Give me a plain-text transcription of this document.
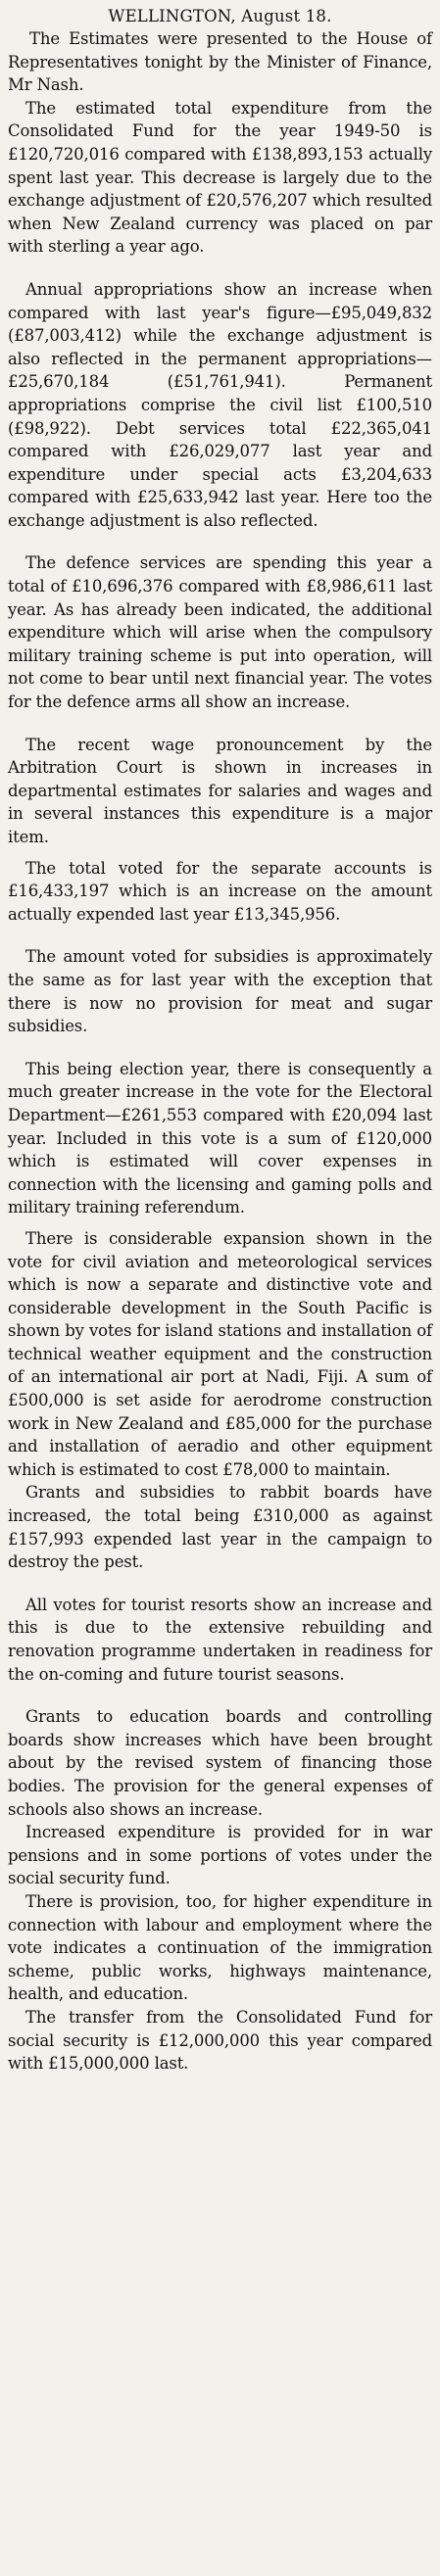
WELLINGTON, August 18.

The Estimates were presented to the House of Representatives tonight by the Minister of Finance, Mr Nash.

The estimated total expenditure from the Consolidated Fund for the year 1949-50 is £120,720,016 compared with £138,893,153 actually spent last year. This decrease is largely due to the exchange adjustment of £20,576,207 which resulted when New Zealand currency was placed on par with sterling a year ago.

Annual appropriations show an increase when compared with last year's figure—£95,049,832 (£87,003,412) while the exchange adjustment is also reflected in the permanent appropriations—£25,670,184 (£51,761,941). Permanent appropriations comprise the civil list £100,510 (£98,922). Debt services total £22,365,041 compared with £26,029,077 last year and expenditure under special acts £3,204,633 compared with £25,633,942 last year. Here too the exchange adjustment is also reflected.

The defence services are spending this year a total of £10,696,376 compared with £8,986,611 last year. As has already been indicated, the additional expenditure which will arise when the compulsory military training scheme is put into operation, will not come to bear until next financial year. The votes for the defence arms all show an increase.

The recent wage pronouncement by the Arbitration Court is shown in increases in departmental estimates for salaries and wages and in several instances this expenditure is a major item.

The total voted for the separate accounts is £16,433,197 which is an increase on the amount actually expended last year £13,345,956.

The amount voted for subsidies is approximately the same as for last year with the exception that there is now no provision for meat and sugar subsidies.

This being election year, there is consequently a much greater increase in the vote for the Electoral Department—£261,553 compared with £20,094 last year. Included in this vote is a sum of £120,000 which is estimated will cover expenses in connection with the licensing and gaming polls and military training referendum.

There is considerable expansion shown in the vote for civil aviation and meteorological services which is now a separate and distinctive vote and considerable development in the South Pacific is shown by votes for island stations and installation of technical weather equipment and the construction of an international air port at Nadi, Fiji. A sum of £500,000 is set aside for aerodrome construction work in New Zealand and £85,000 for the purchase and installation of aeradio and other equipment which is estimated to cost £78,000 to maintain.

Grants and subsidies to rabbit boards have increased, the total being £310,000 as against £157,993 expended last year in the campaign to destroy the pest.

All votes for tourist resorts show an increase and this is due to the extensive rebuilding and renovation programme undertaken in readiness for the on-coming and future tourist seasons.

Grants to education boards and controlling boards show increases which have been brought about by the revised system of financing those bodies. The provision for the general expenses of schools also shows an increase.

Increased expenditure is provided for in war pensions and in some portions of votes under the social security fund.

There is provision, too, for higher expenditure in connection with labour and employment where the vote indicates a continuation of the immigration scheme, public works, highways maintenance, health, and education.

The transfer from the Consolidated Fund for social security is £12,000,000 this year compared with £15,000,000 last.
